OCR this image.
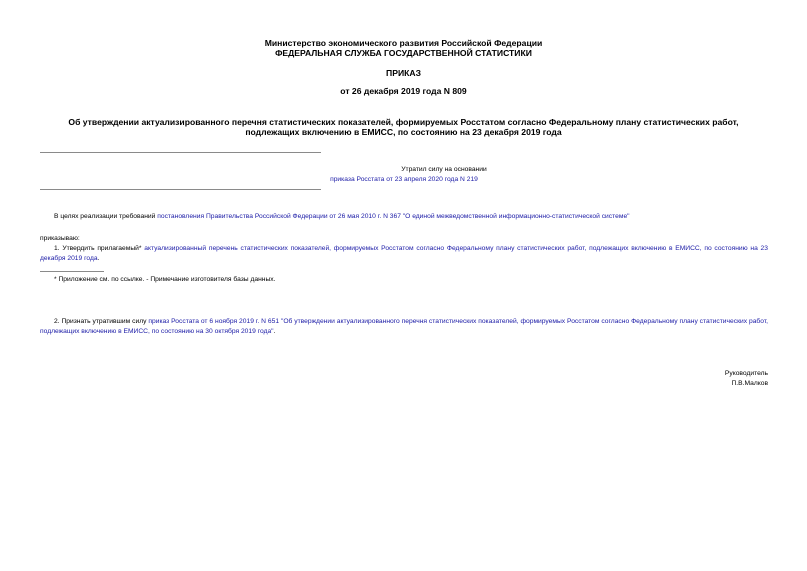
Министерство экономического развития Российской Федерации
ФЕДЕРАЛЬНАЯ СЛУЖБА ГОСУДАРСТВЕННОЙ СТАТИСТИКИ
ПРИКАЗ
от 26 декабря 2019 года N 809
Об утверждении актуализированного перечня статистических показателей, формируемых Росстатом согласно Федеральному плану статистических работ,
подлежащих включению в ЕМИСС, по состоянию на 23 декабря 2019 года
Утратил силу на основании
приказа Росстата от 23 апреля 2020 года N 219
В целях реализации требований постановления Правительства Российской Федерации от 26 мая 2010 г. N 367 "О единой межведомственной информационно-статистической системе"
приказываю:
1. Утвердить прилагаемый* актуализированный перечень статистических показателей, формируемых Росстатом согласно Федеральному плану статистических работ, подлежащих включению в ЕМИСС, по состоянию на 23 декабря 2019 года.
* Приложение см. по ссылке. - Примечание изготовителя базы данных.
2. Признать утратившим силу приказ Росстата от 6 ноября 2019 г. N 651 "Об утверждении актуализированного перечня статистических показателей, формируемых Росстатом согласно Федеральному плану статистических работ, подлежащих включению в ЕМИСС, по состоянию на 30 октября 2019 года".
Руководитель
П.В.Малков
